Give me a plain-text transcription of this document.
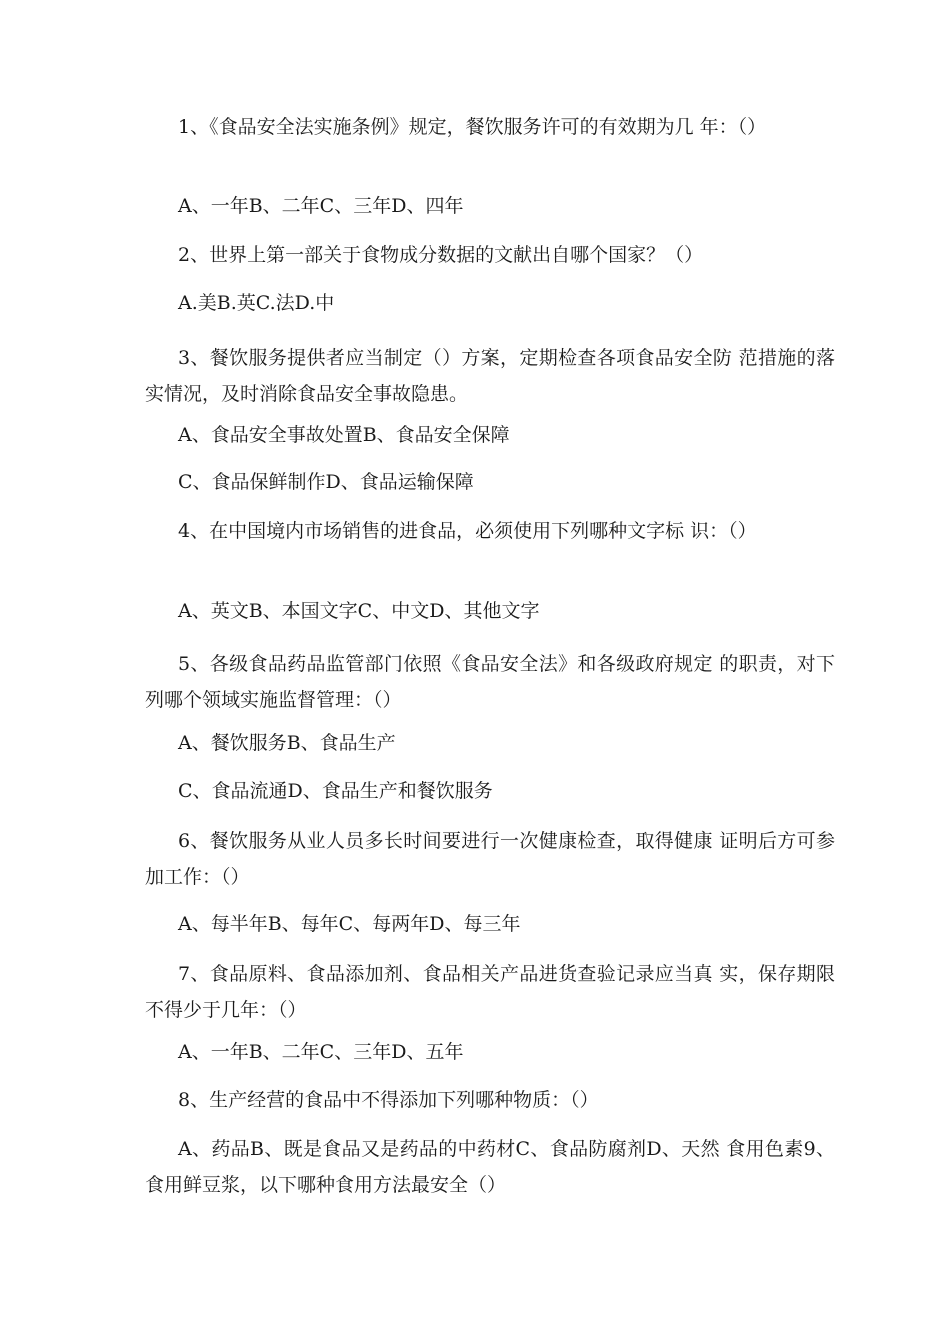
1、《食品安全法实施条例》规定，餐饮服务许可的有效期为几 年：（）

A、一年B、二年C、三年D、四年

2、世界上第一部关于食物成分数据的文献出自哪个国家？（）

A.美B.英C.法D.中

3、餐饮服务提供者应当制定（）方案，定期检查各项食品安全防 范措施的落实情况，及时消除食品安全事故隐患。

A、食品安全事故处置B、食品安全保障

C、食品保鲜制作D、食品运输保障

4、在中国境内市场销售的进食品，必须使用下列哪种文字标 识：（）

A、英文B、本国文字C、中文D、其他文字

5、各级食品药品监管部门依照《食品安全法》和各级政府规定 的职责，对下列哪个领域实施监督管理：（）

A、餐饮服务B、食品生产

C、食品流通D、食品生产和餐饮服务

6、餐饮服务从业人员多长时间要进行一次健康检查，取得健康 证明后方可参加工作：（）

A、每半年B、每年C、每两年D、每三年

7、食品原料、食品添加剂、食品相关产品进货查验记录应当真 实，保存期限不得少于几年：（）

A、一年B、二年C、三年D、五年

8、生产经营的食品中不得添加下列哪种物质：（）

A、药品B、既是食品又是药品的中药材C、食品防腐剂D、天然 食用色素9、食用鲜豆浆，以下哪种食用方法最安全（）
